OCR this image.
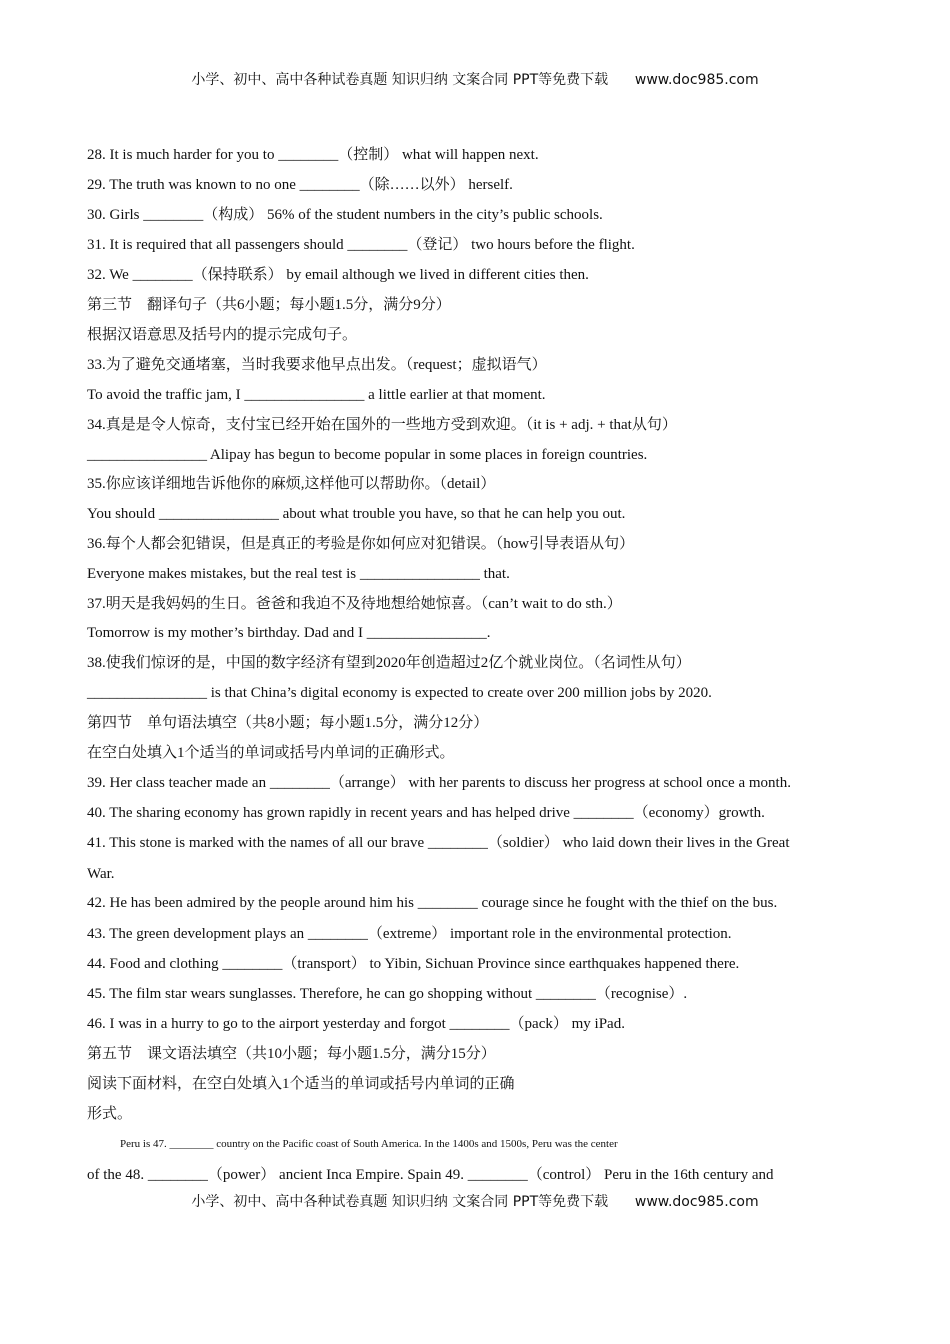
小学、初中、高中各种试卷真题 知识归纳 文案合同 PPT等免费下载 www.doc985.com
28. It is much harder for you to ________（控制） what will happen next.
29. The truth was known to no one ________（除……以外） herself.
30. Girls ________（构成） 56% of the student numbers in the city’s public schools.
31. It is required that all passengers should ________（登记） two hours before the flight.
32. We ________（保持联系） by email although we lived in different cities then.
第三节　翻译句子（共6小题；每小题1.5分，满分9分）
根据汉语意思及括号内的提示完成句子。
33.为了避免交通堵塞，当时我要求他早点出发。（request；虚拟语气）
To avoid the traffic jam, I ________________ a little earlier at that moment.
34.真是是令人惊奇，支付宝已经开始在国外的一些地方受到欢迎。（it is + adj. + that从句）
________________ Alipay has begun to become popular in some places in foreign countries.
35.你应该详细地告诉他你的麻烦,这样他可以帮助你。（detail）
You should ________________ about what trouble you have, so that he can help you out.
36.每个人都会犯错误，但是真正的考验是你如何应对犯错误。（how引导表语从句）
Everyone makes mistakes, but the real test is ________________ that.
37.明天是我妈妈的生日。爸爸和我迫不及待地想给她惊喜。（can’t wait to do sth.）
Tomorrow is my mother’s birthday. Dad and I ________________.
38.使我们惊讶的是，中国的数字经济有望到2020年创造超过2亿个就业岗位。（名词性从句）
________________ is that China’s digital economy is expected to create over 200 million jobs by 2020.
第四节　单句语法填空（共8小题；每小题1.5分，满分12分）
在空白处填入1个适当的单词或括号内单词的正确形式。
39. Her class teacher made an ________（arrange） with her parents to discuss her progress at school once a month.
40. The sharing economy has grown rapidly in recent years and has helped drive ________（economy）growth.
41. This stone is marked with the names of all our brave ________（soldier） who laid down their lives in the Great
War.
42. He has been admired by the people around him his ________ courage since he fought with the thief on the bus.
43. The green development plays an ________（extreme） important role in the environmental protection.
44. Food and clothing ________（transport） to Yibin, Sichuan Province since earthquakes happened there.
45. The film star wears sunglasses. Therefore, he can go shopping without ________（recognise）.
46. I was in a hurry to go to the airport yesterday and forgot ________（pack） my iPad.
第五节　课文语法填空（共10小题；每小题1.5分，满分15分）
阅读下面材料，在空白处填入1个适当的单词或括号内单词的正确
形式。
Peru is 47. ________ country on the Pacific coast of South America. In the 1400s and 1500s, Peru was the center
of the 48. ________（power） ancient Inca Empire. Spain 49. ________（control） Peru in the 16th century and
小学、初中、高中各种试卷真题 知识归纳 文案合同 PPT等免费下载 www.doc985.com
